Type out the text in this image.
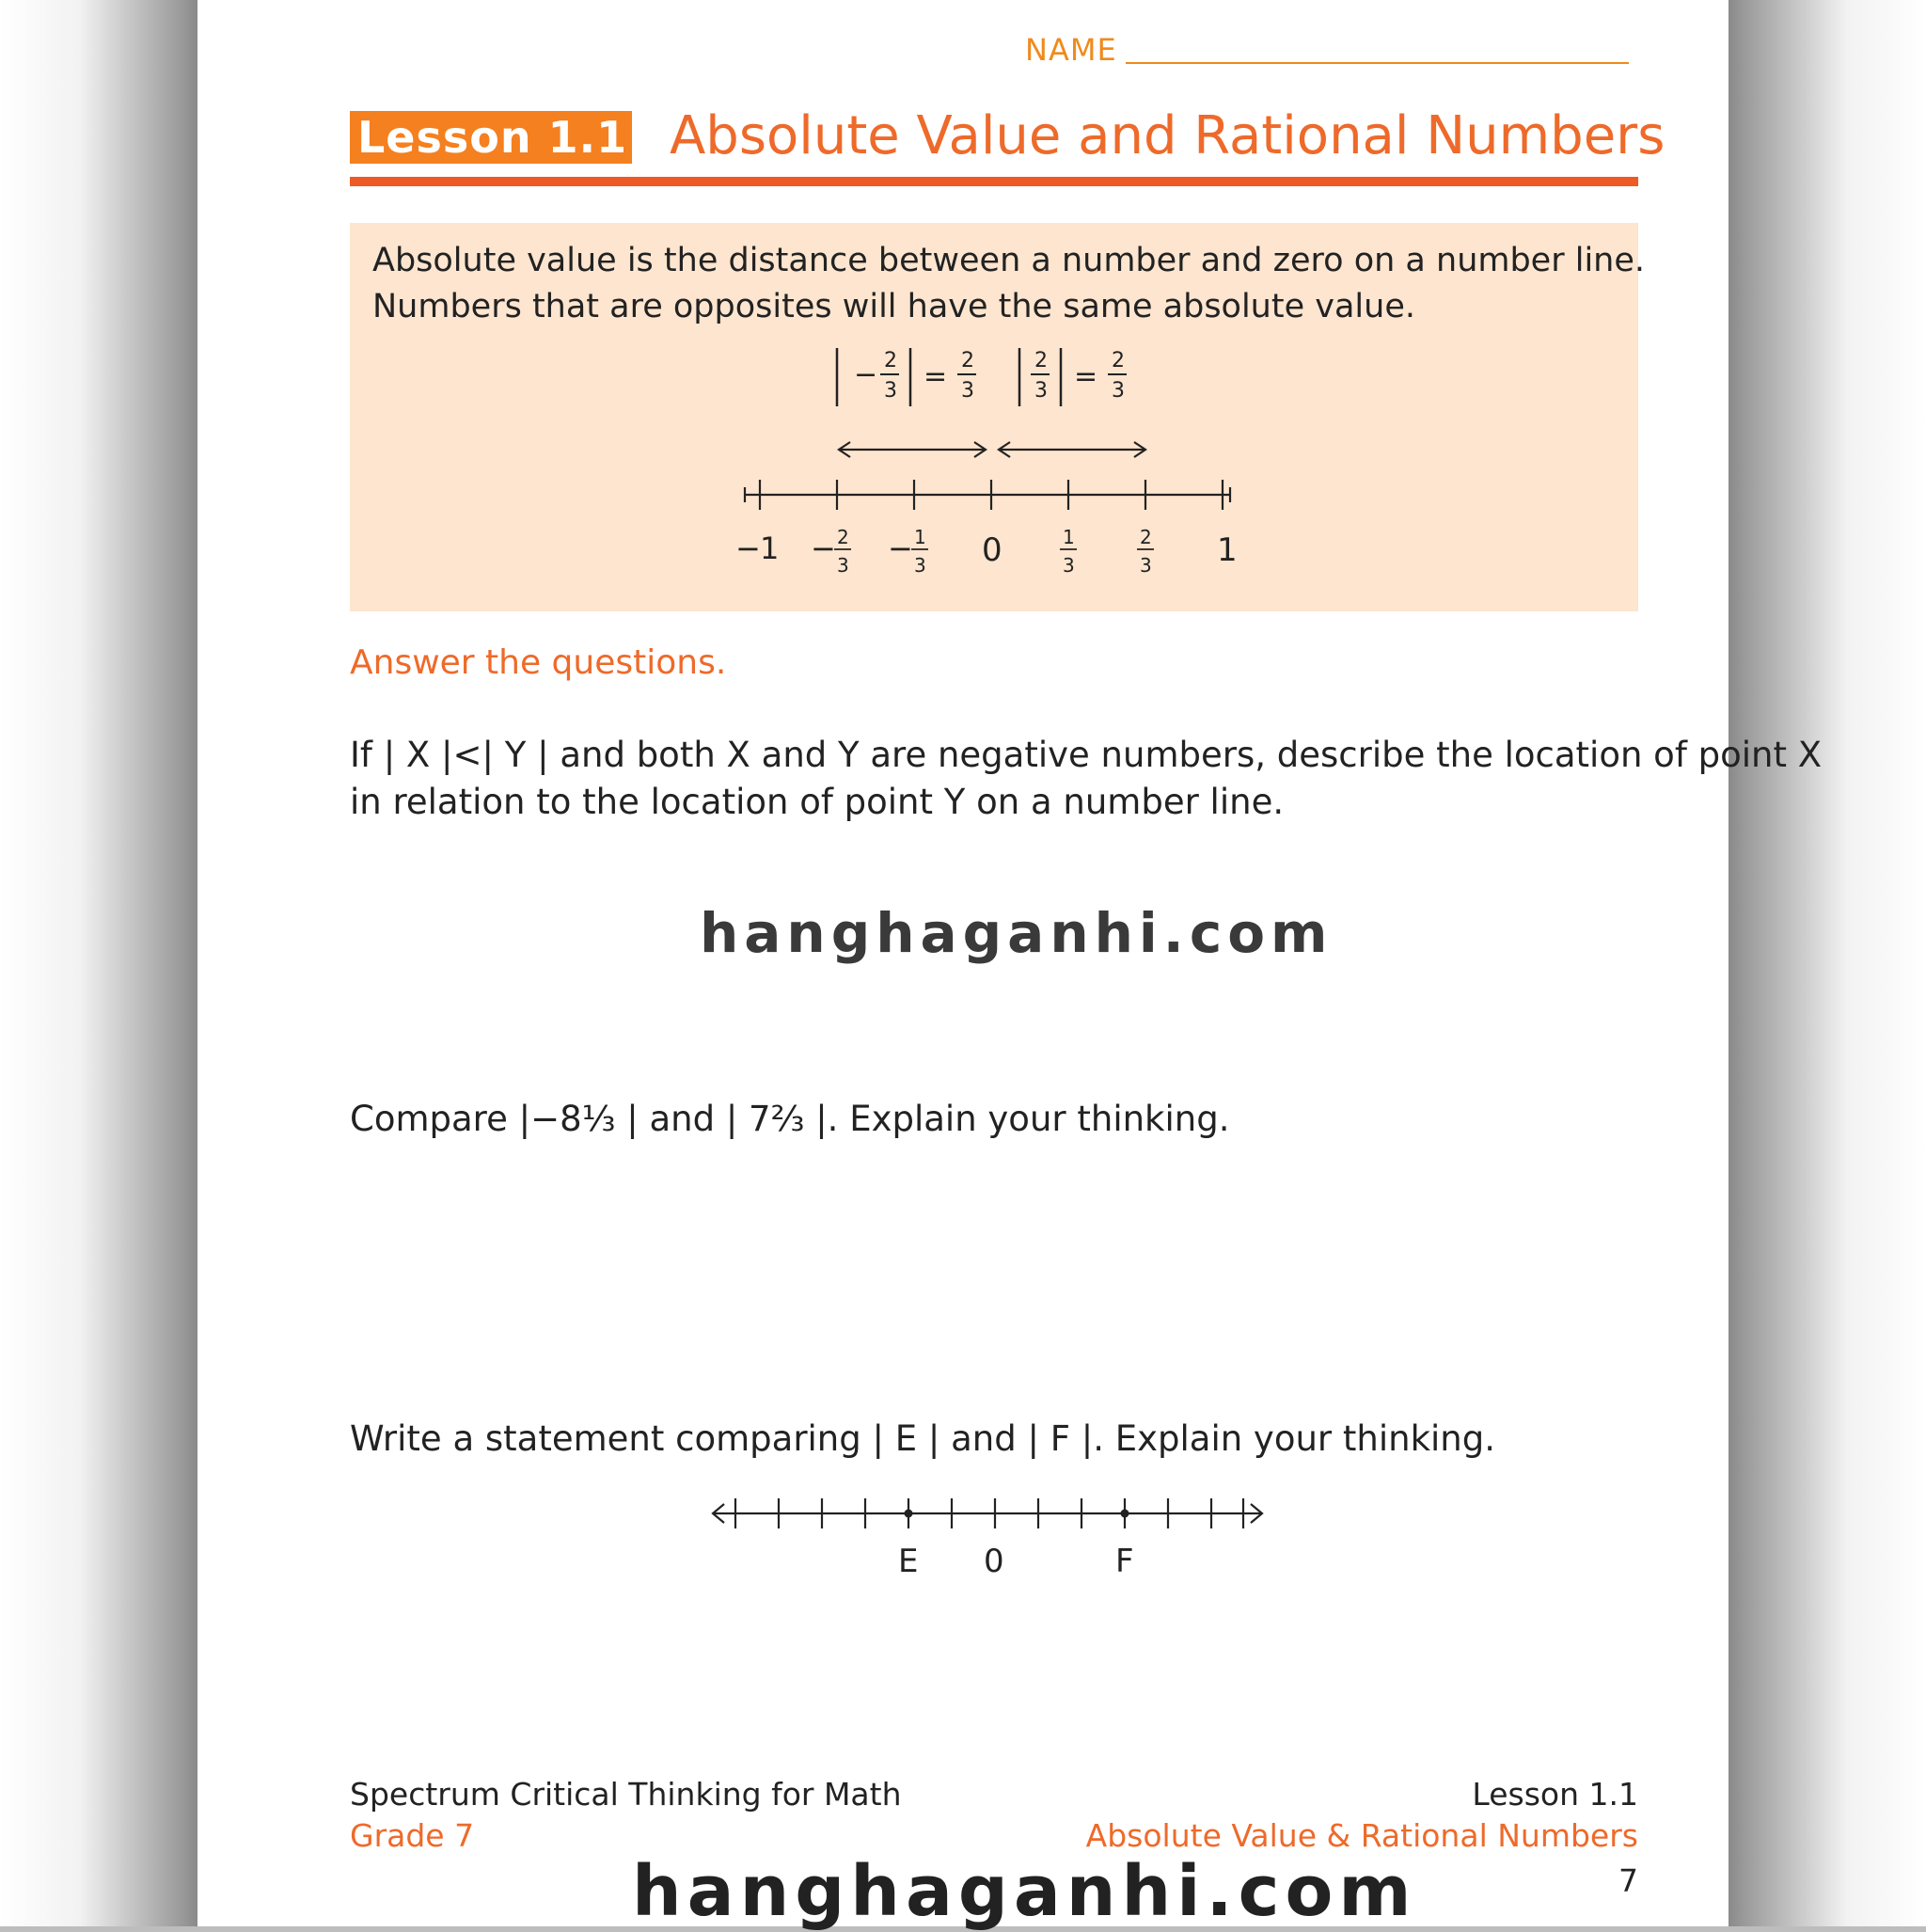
NAME
Lesson 1.1 Absolute Value and Rational Numbers
Absolute value is the distance between a number and zero on a number line.
Numbers that are opposites will have the same absolute value.
− 2
3 = 2
3
2
3 = 2
3
− 1 − 2
3 − 1
3 0	1
3
2
3 1
Answer the questions.
If | X |<| Y | and both X and Y are negative numbers, describe the location of point X
in relation to the location of point Y on a number line.
hanghaganhi.com
Compare |−8⅓ | and | 7⅔ |. Explain your thinking.
Write a statement comparing | E | and | F |. Explain your thinking.
E 0	F
Spectrum Critical Thinking for Math
Grade 7
Lesson 1.1
Absolute Value & Rational Numbers
7
hanghaganhi.com
